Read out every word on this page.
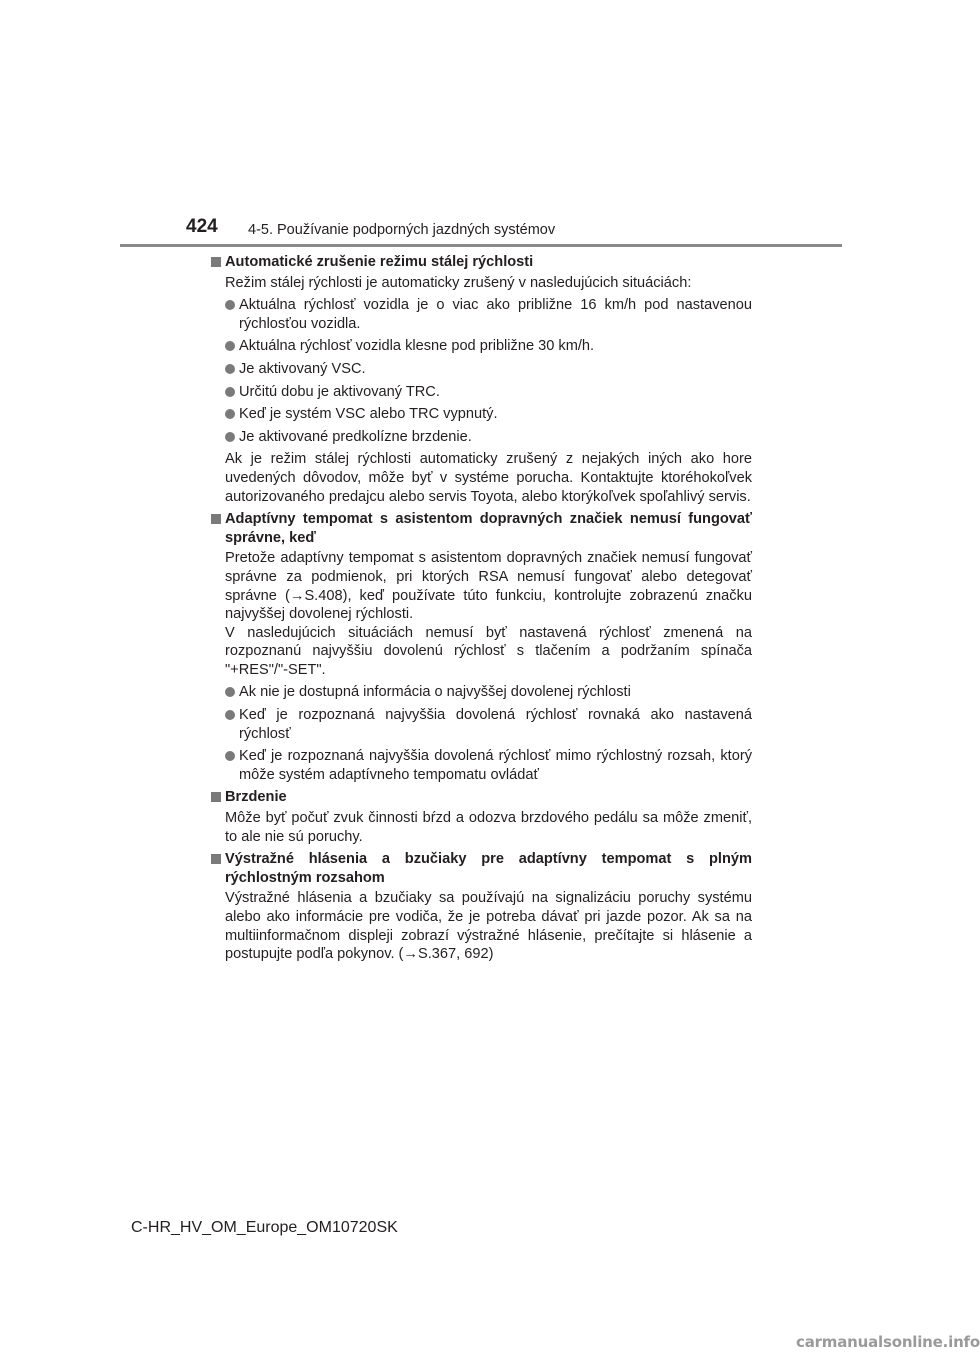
424 4-5. Používanie podporných jazdných systémov
Automatické zrušenie režimu stálej rýchlosti

Režim stálej rýchlosti je automaticky zrušený v nasledujúcich situáciách:

Aktuálna rýchlosť vozidla je o viac ako približne 16 km/h pod nastavenou rýchlosťou vozidla.
Aktuálna rýchlosť vozidla klesne pod približne 30 km/h.
Je aktivovaný VSC.
Určitú dobu je aktivovaný TRC.
Keď je systém VSC alebo TRC vypnutý.
Je aktivované predkolízne brzdenie.

Ak je režim stálej rýchlosti automaticky zrušený z nejakých iných ako hore uvedených dôvodov, môže byť v systéme porucha. Kontaktujte ktoréhokoľvek autorizovaného predajcu alebo servis Toyota, alebo ktorýkoľvek spoľahlivý servis.

Adaptívny tempomat s asistentom dopravných značiek nemusí fungovať správne, keď

Pretože adaptívny tempomat s asistentom dopravných značiek nemusí fungovať správne za podmienok, pri ktorých RSA nemusí fungovať alebo detegovať správne (→S.408), keď používate túto funkciu, kontrolujte zobrazenú značku najvyššej dovolenej rýchlosti.
V nasledujúcich situáciách nemusí byť nastavená rýchlosť zmenená na rozpoznanú najvyššiu dovolenú rýchlosť s tlačením a podržaním spínača "+RES"/"-SET".

Ak nie je dostupná informácia o najvyššej dovolenej rýchlosti
Keď je rozpoznaná najvyššia dovolená rýchlosť rovnaká ako nastavená rýchlosť
Keď je rozpoznaná najvyššia dovolená rýchlosť mimo rýchlostný rozsah, ktorý môže systém adaptívneho tempomatu ovládať
Brzdenie

Môže byť počuť zvuk činnosti bŕzd a odozva brzdového pedálu sa môže zmeniť, to ale nie sú poruchy.

Výstražné hlásenia a bzučiaky pre adaptívny tempomat s plným rýchlostným rozsahom

Výstražné hlásenia a bzučiaky sa používajú na signalizáciu poruchy systému alebo ako informácie pre vodiča, že je potreba dávať pri jazde pozor. Ak sa na multiinformačnom displeji zobrazí výstražné hlásenie, prečítajte si hlásenie a postupujte podľa pokynov. (→S.367, 692)

C-HR_HV_OM_Europe_OM10720SK
carmanualsonline.info
